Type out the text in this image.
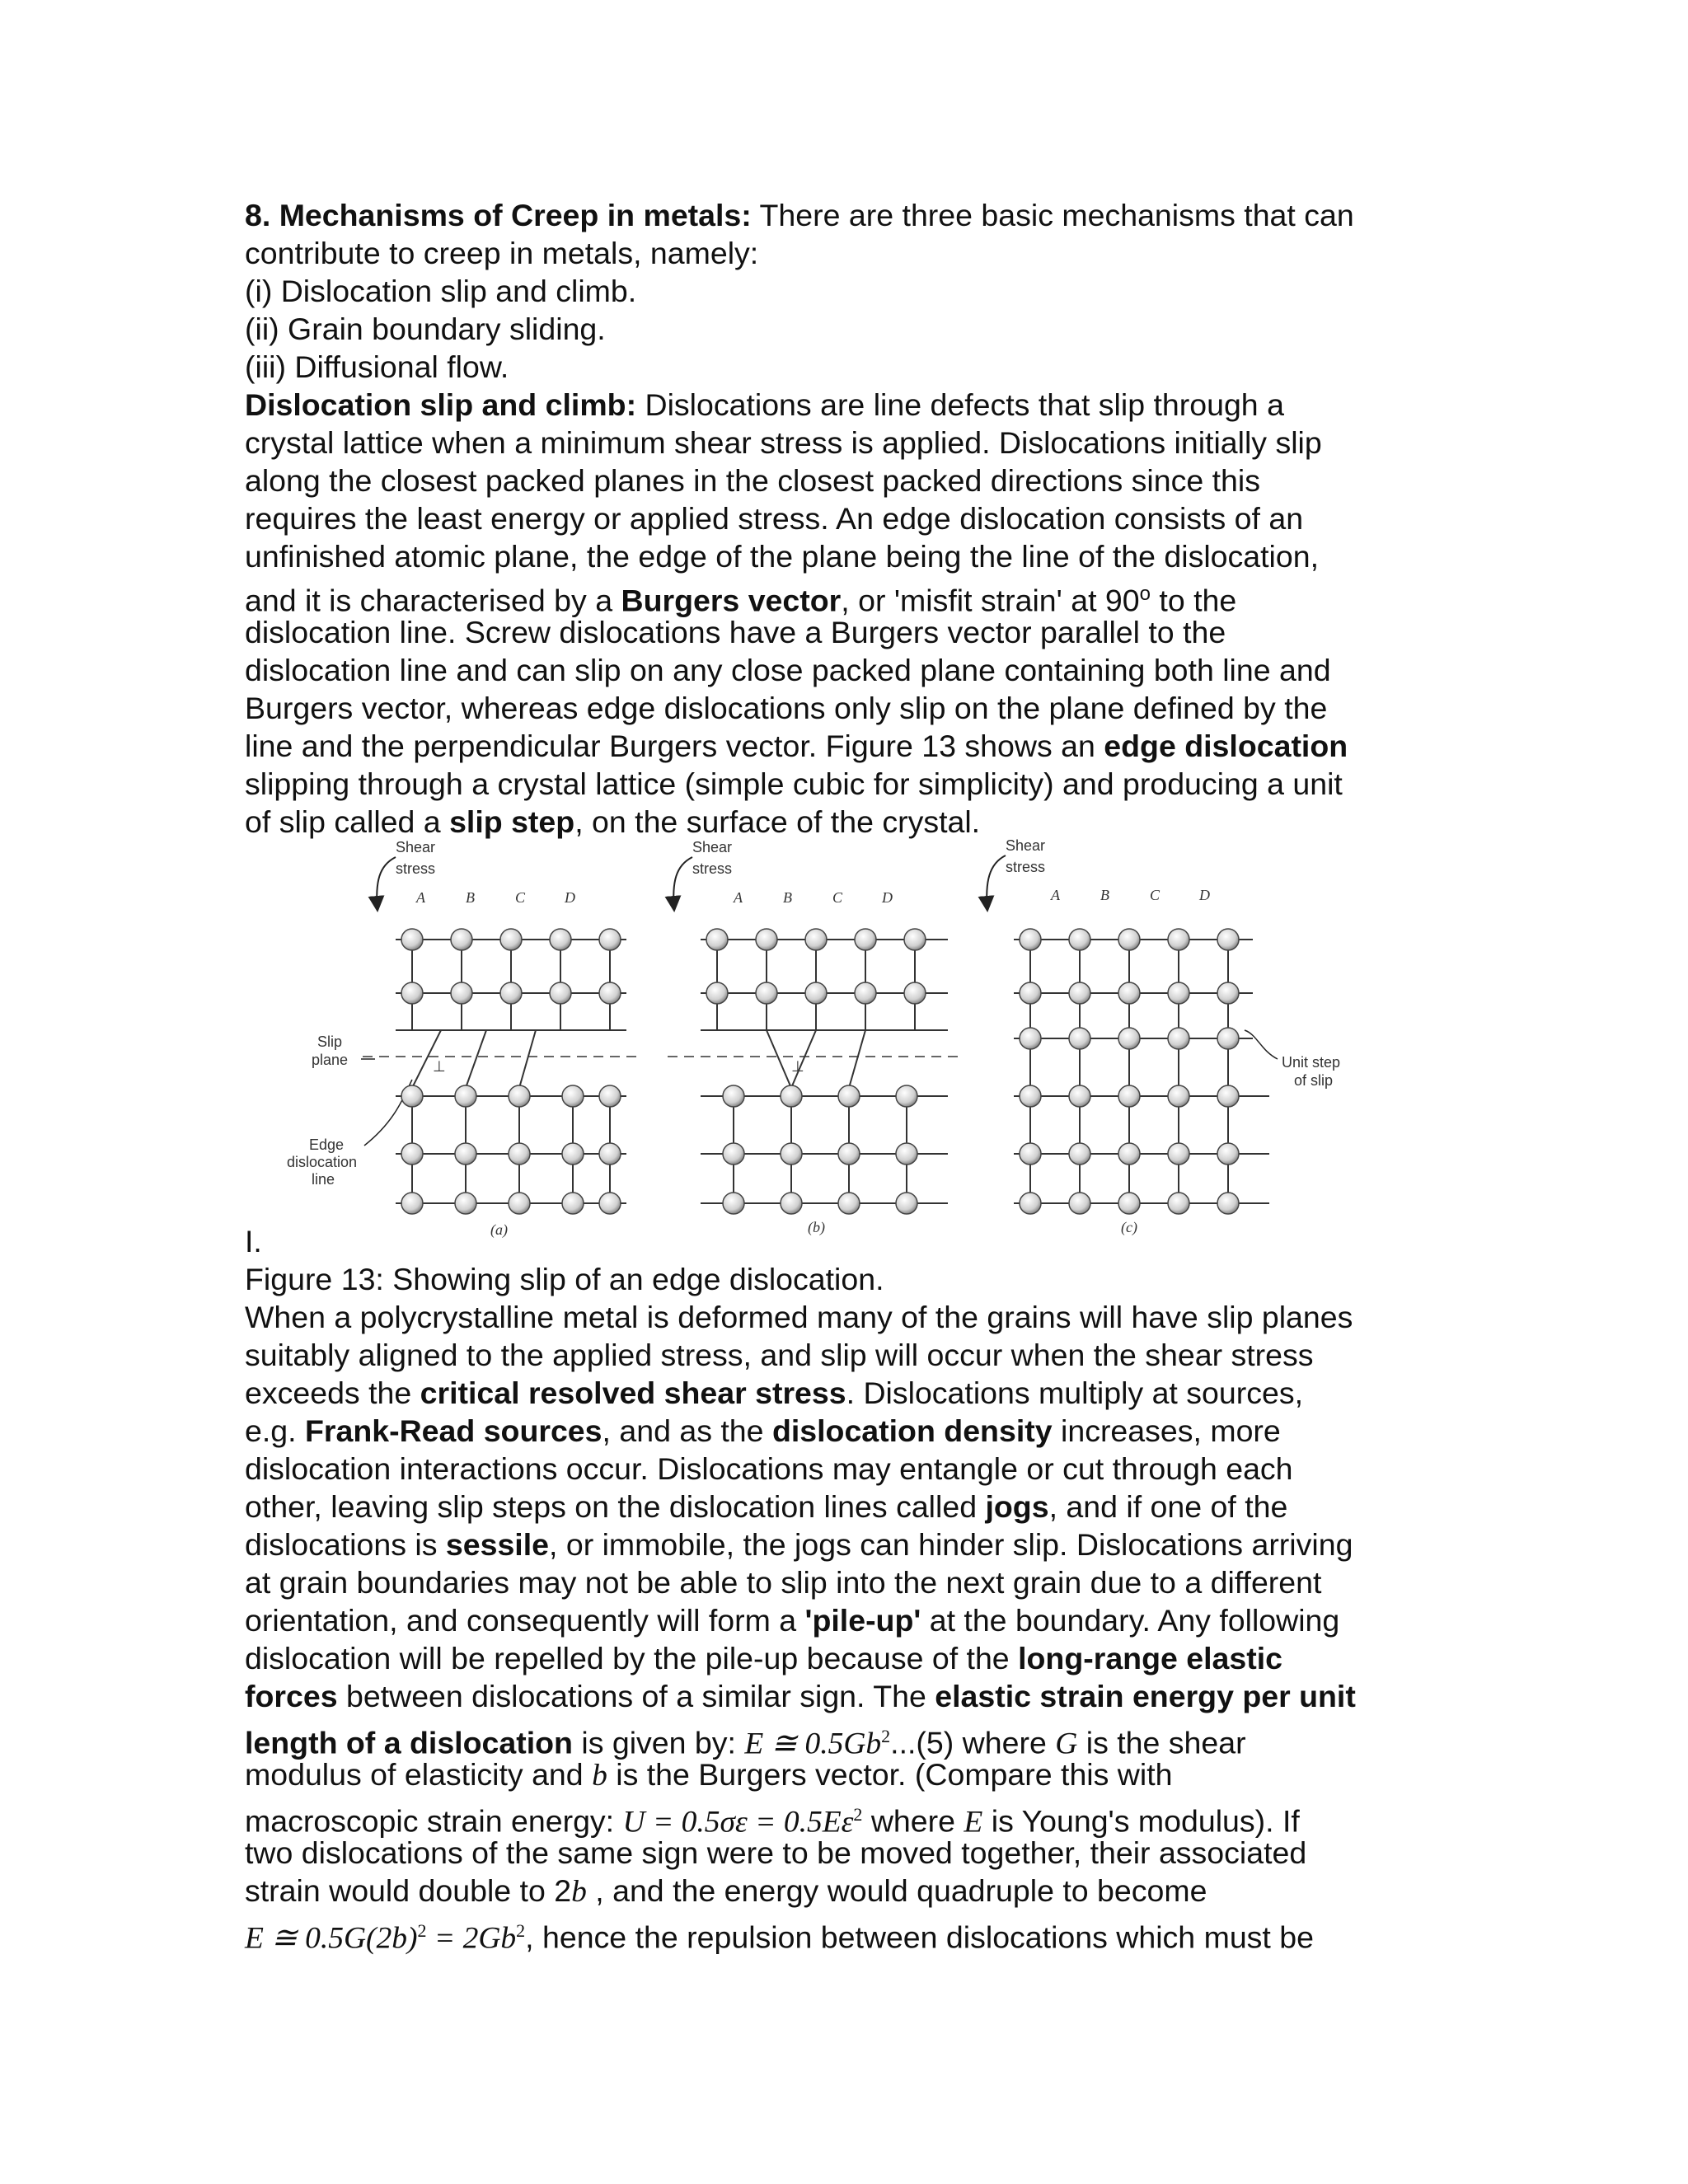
8. Mechanisms of Creep in metals: There are three basic mechanisms that can
contribute to creep in metals, namely:
(i) Dislocation slip and climb.
(ii) Grain boundary sliding.
(iii) Diffusional flow.
Dislocation slip and climb: Dislocations are line defects that slip through a
crystal lattice when a minimum shear stress is applied. Dislocations initially slip
along the closest packed planes in the closest packed directions since this
requires the least energy or applied stress. An edge dislocation consists of an
unfinished atomic plane, the edge of the plane being the line of the dislocation,
and it is characterised by a Burgers vector, or 'misfit strain' at 90$^o$ to the
dislocation line. Screw dislocations have a Burgers vector parallel to the
dislocation line and can slip on any close packed plane containing both line and
Burgers vector, whereas edge dislocations only slip on the plane defined by the
line and the perpendicular Burgers vector. Figure 13 shows an edge dislocation
slipping through a crystal lattice (simple cubic for simplicity) and producing a unit
of slip called a slip step, on the surface of the crystal.
Slip
plane
Edge
dislocation
line
Shear
stress
A	B	C	D
⊥
(a)
Shear
stress
A	B	C	D
⊥
(b)
Shear
stress
A	B	C	D
Unit step
of slip
(c)
I.
Figure 13: Showing slip of an edge dislocation.
When a polycrystalline metal is deformed many of the grains will have slip planes
suitably aligned to the applied stress, and slip will occur when the shear stress
exceeds the critical resolved shear stress. Dislocations multiply at sources,
e.g. Frank-Read sources, and as the dislocation density increases, more
dislocation interactions occur. Dislocations may entangle or cut through each
other, leaving slip steps on the dislocation lines called jogs, and if one of the
dislocations is sessile, or immobile, the jogs can hinder slip. Dislocations arriving
at grain boundaries may not be able to slip into the next grain due to a different
orientation, and consequently will form a 'pile-up' at the boundary. Any following
dislocation will be repelled by the pile-up because of the long-range elastic
forces between dislocations of a similar sign. The elastic strain energy per unit
length of a dislocation is given by: E ≅ 0.5Gb$^2$...(5) where G is the shear
modulus of elasticity and b is the Burgers vector. (Compare this with
macroscopic strain energy: $U = 0.5\sigma\varepsilon = 0.5E\varepsilon^2$ where E is Young's modulus). If
two dislocations of the same sign were to be moved together, their associated
strain would double to 2b , and the energy would quadruple to become
E ≅ $0.5G(2b)^2 = 2Gb^2$, hence the repulsion between dislocations which must be
